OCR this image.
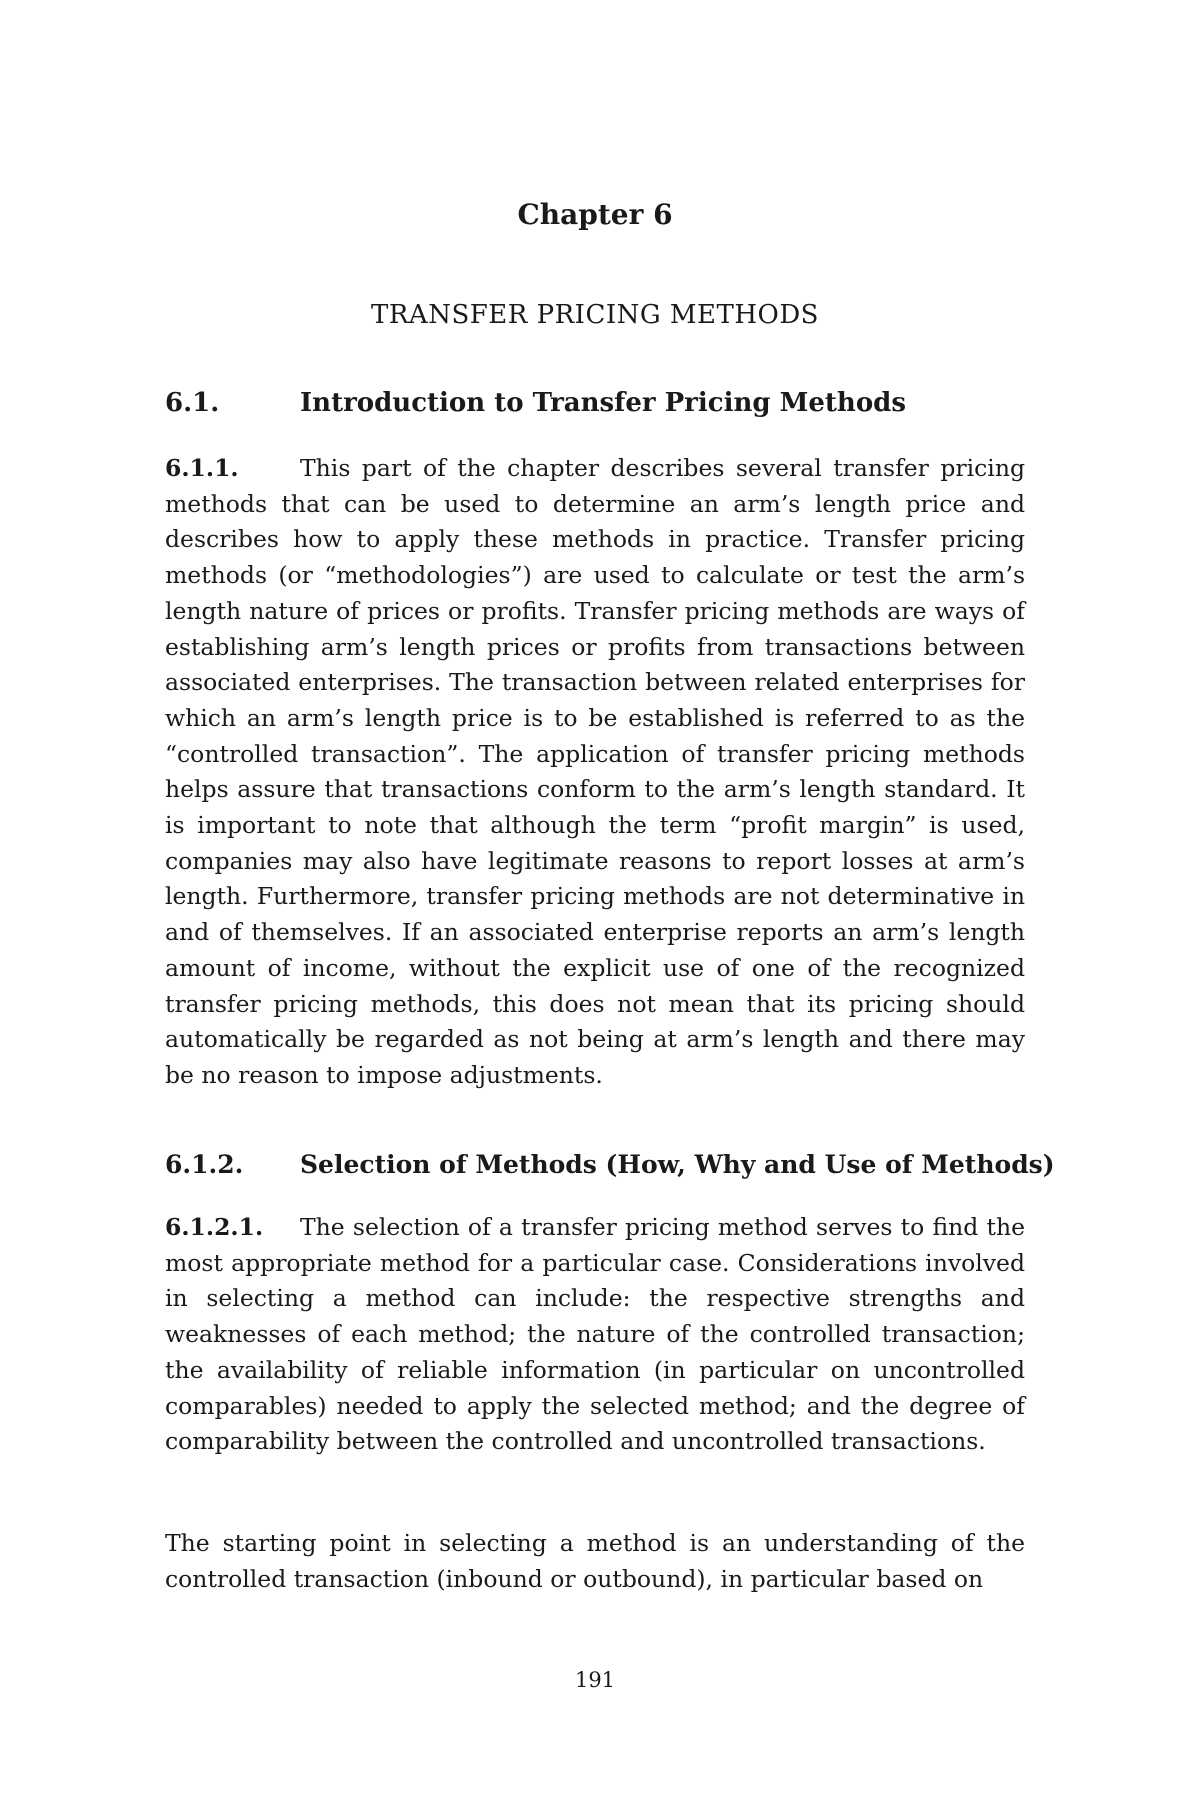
Chapter 6
TRANSFER PRICING METHODS
6.1.	Introduction to Transfer Pricing Methods
6.1.1.	This part of the chapter describes several transfer pricing methods that can be used to determine an arm’s length price and describes how to apply these methods in practice. Transfer pricing methods (or “methodologies”) are used to calculate or test the arm’s length nature of prices or profits. Transfer pricing methods are ways of establishing arm’s length prices or profits from transactions between associated enterprises. The transaction between related enterprises for which an arm’s length price is to be established is referred to as the “controlled transaction”. The application of transfer pricing methods helps assure that transactions conform to the arm’s length standard. It is important to note that although the term “profit margin” is used, companies may also have legitimate reasons to report losses at arm’s length. Furthermore, transfer pricing methods are not determinative in and of themselves. If an associated enterprise reports an arm’s length amount of income, without the explicit use of one of the recognized transfer pricing methods, this does not mean that its pricing should automatically be regarded as not being at arm’s length and there may be no reason to impose adjustments.
6.1.2. Selection of Methods (How, Why and Use of Methods)
6.1.2.1. The selection of a transfer pricing method serves to find the most appropriate method for a particular case. Considerations involved in selecting a method can include: the respective strengths and weaknesses of each method; the nature of the controlled transaction; the availability of reliable information (in particular on uncontrolled comparables) needed to apply the selected method; and the degree of comparability between the controlled and uncontrolled transactions.
The starting point in selecting a method is an understanding of the controlled transaction (inbound or outbound), in particular based on
191
